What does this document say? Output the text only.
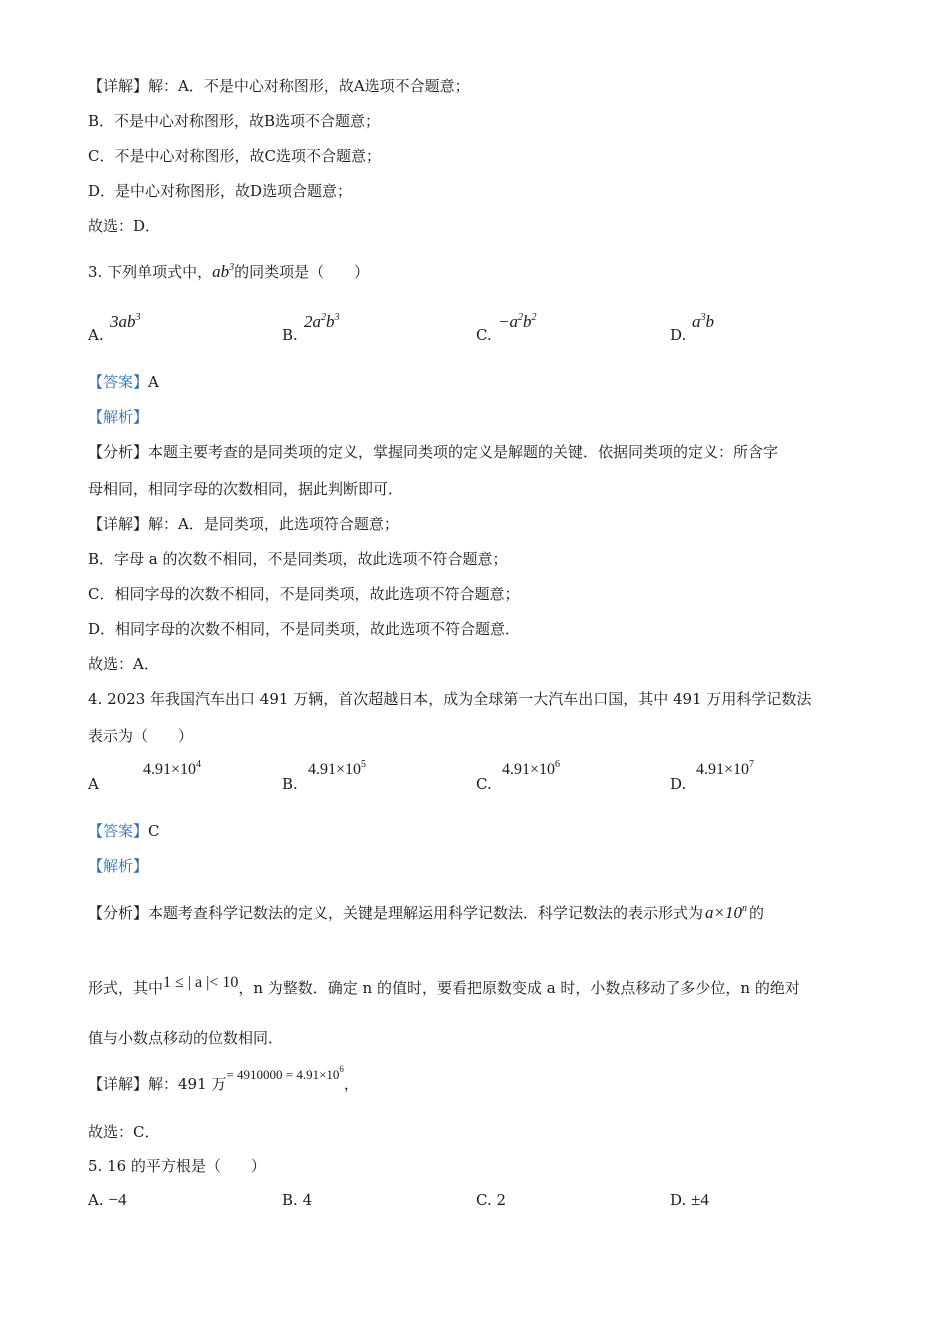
【详解】解：A．不是中心对称图形，故A选项不合题意；
B．不是中心对称图形，故B选项不合题意；
C．不是中心对称图形，故C选项不合题意；
D．是中心对称图形，故D选项合题意；
故选：D．
3. 下列单项式中，$ab^3$的同类项是（　　）
A.
$3ab^3$
B.
$2a^2b^3$
C.
$-a^2b^2$
D.
$a^3b$
【答案】A
【解析】
【分析】本题主要考查的是同类项的定义，掌握同类项的定义是解题的关键．依据同类项的定义：所含字
母相同，相同字母的次数相同，据此判断即可．
【详解】解：A．是同类项，此选项符合题意；
B．字母 a 的次数不相同，不是同类项，故此选项不符合题意；
C．相同字母的次数不相同，不是同类项，故此选项不符合题意；
D．相同字母的次数不相同，不是同类项，故此选项不符合题意．
故选：A．
4. 2023 年我国汽车出口 491 万辆，首次超越日本，成为全球第一大汽车出口国，其中 491 万用科学记数法
表示为（　　）
A
$4.91\times 10^4$
B.
$4.91\times 10^5$
C.
$4.91\times 10^6$
D.
$4.91\times 10^7$
【答案】C
【解析】
【分析】本题考查科学记数法的定义，关键是理解运用科学记数法．科学记数法的表示形式为 $a\times 10^n$ 的
形式，其中1 ≤ | a |< 10，n 为整数．确定 n 的值时，要看把原数变成 a 时，小数点移动了多少位，n 的绝对
值与小数点移动的位数相同．
【详解】解：491 万= $4910000 = 4.91\times 10^6$，
故选：C．
5. 16 的平方根是（　　）
A. −4	B. 4	C. 2	D. ±4
